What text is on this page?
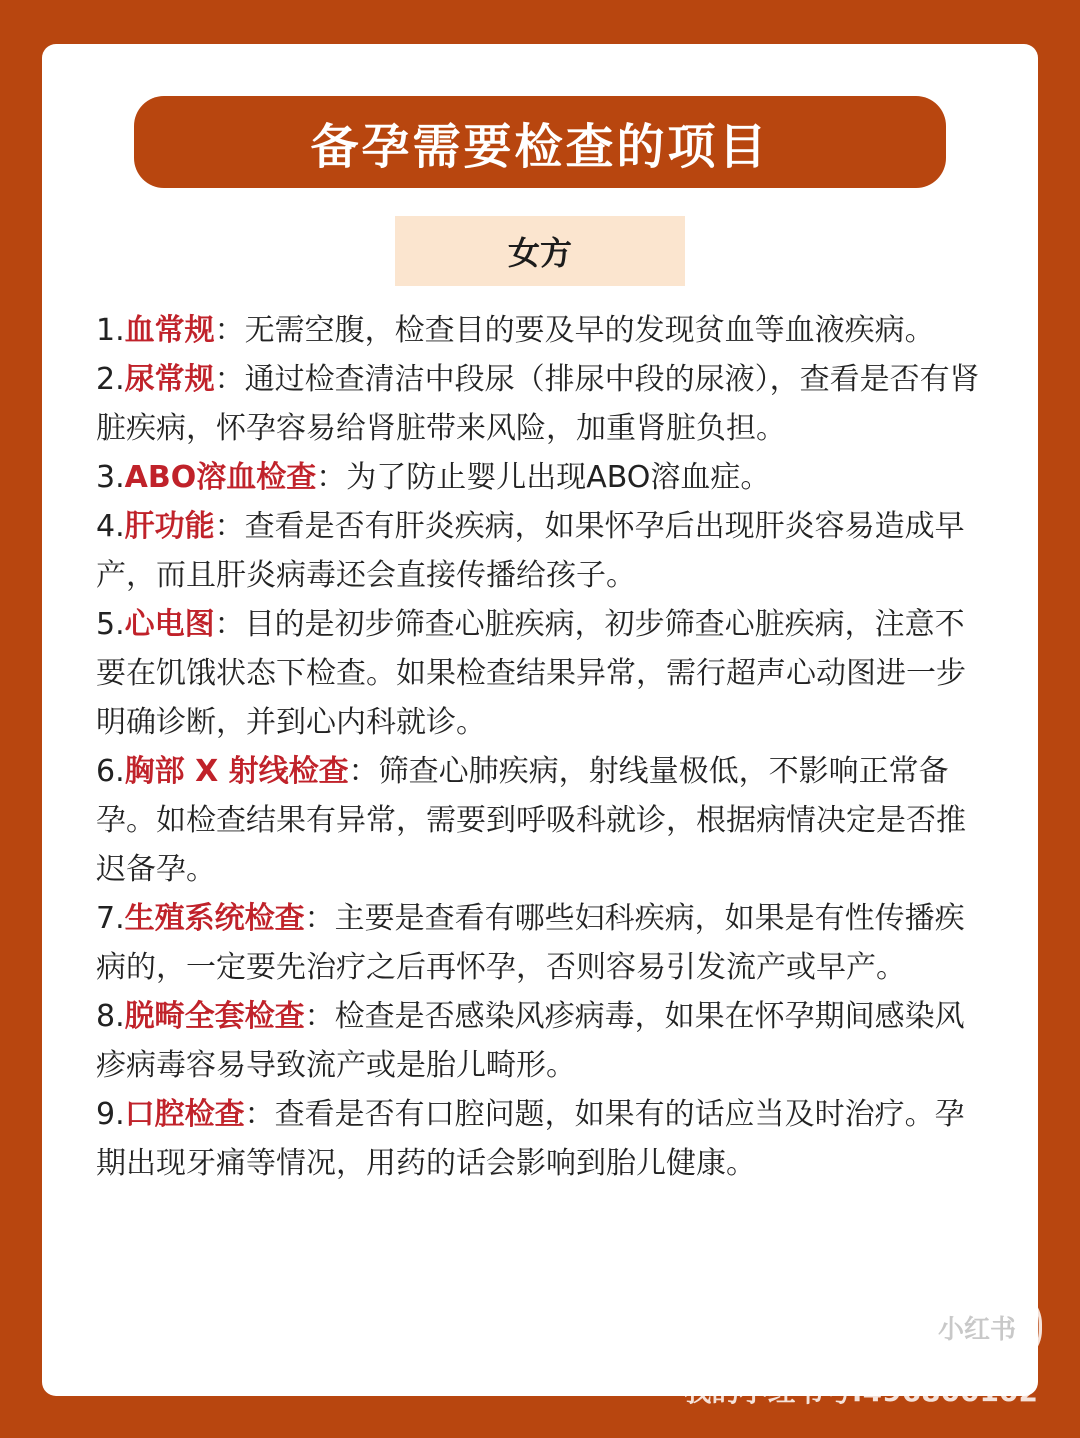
备孕需要检查的项目
女方
1.血常规：无需空腹，检查目的要及早的发现贫血等血液疾病。
2.尿常规：通过检查清洁中段尿（排尿中段的尿液），查看是否有肾脏疾病，怀孕容易给肾脏带来风险，加重肾脏负担。
3.ABO溶血检查：为了防止婴儿出现ABO溶血症。
4.肝功能：查看是否有肝炎疾病，如果怀孕后出现肝炎容易造成早产，而且肝炎病毒还会直接传播给孩子。
5.心电图：目的是初步筛查心脏疾病，初步筛查心脏疾病，注意不要在饥饿状态下检查。如果检查结果异常，需行超声心动图进一步明确诊断，并到心内科就诊。
6.胸部 X 射线检查：筛查心肺疾病，射线量极低，不影响正常备孕。如检查结果有异常，需要到呼吸科就诊，根据病情决定是否推迟备孕。
7.生殖系统检查：主要是查看有哪些妇科疾病，如果是有性传播疾病的，一定要先治疗之后再怀孕，否则容易引发流产或早产。
8.脱畸全套检查：检查是否感染风疹病毒，如果在怀孕期间感染风疹病毒容易导致流产或是胎儿畸形。
9.口腔检查：查看是否有口腔问题，如果有的话应当及时治疗。孕期出现牙痛等情况，用药的话会影响到胎儿健康。
小红书
我的小红书号:496800102
